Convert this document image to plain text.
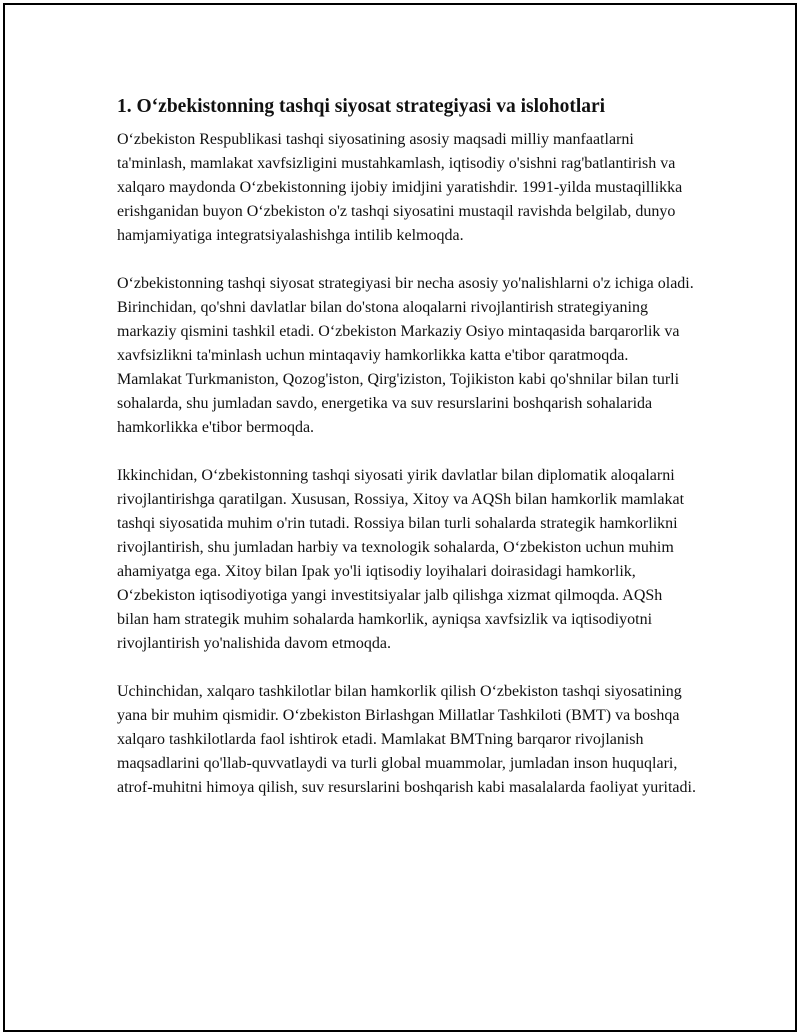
1. O‘zbekistonning tashqi siyosat strategiyasi va islohotlari

O‘zbekiston Respublikasi tashqi siyosatining asosiy maqsadi milliy manfaatlarni ta'minlash, mamlakat xavfsizligini mustahkamlash, iqtisodiy o'sishni rag'batlantirish va xalqaro maydonda O‘zbekistonning ijobiy imidjini yaratishdir. 1991-yilda mustaqillikka erishganidan buyon O‘zbekiston o'z tashqi siyosatini mustaqil ravishda belgilab, dunyo hamjamiyatiga integratsiyalashishga intilib kelmoqda.

O‘zbekistonning tashqi siyosat strategiyasi bir necha asosiy yo'nalishlarni o'z ichiga oladi. Birinchidan, qo'shni davlatlar bilan do'stona aloqalarni rivojlantirish strategiyaning markaziy qismini tashkil etadi. O‘zbekiston Markaziy Osiyo mintaqasida barqarorlik va xavfsizlikni ta'minlash uchun mintaqaviy hamkorlikka katta e'tibor qaratmoqda. Mamlakat Turkmaniston, Qozog'iston, Qirg'iziston, Tojikiston kabi qo'shnilar bilan turli sohalarda, shu jumladan savdo, energetika va suv resurslarini boshqarish sohalarida hamkorlikka e'tibor bermoqda.

Ikkinchidan, O‘zbekistonning tashqi siyosati yirik davlatlar bilan diplomatik aloqalarni rivojlantirishga qaratilgan. Xususan, Rossiya, Xitoy va AQSh bilan hamkorlik mamlakat tashqi siyosatida muhim o'rin tutadi. Rossiya bilan turli sohalarda strategik hamkorlikni rivojlantirish, shu jumladan harbiy va texnologik sohalarda, O‘zbekiston uchun muhim ahamiyatga ega. Xitoy bilan Ipak yo'li iqtisodiy loyihalari doirasidagi hamkorlik, O‘zbekiston iqtisodiyotiga yangi investitsiyalar jalb qilishga xizmat qilmoqda. AQSh bilan ham strategik muhim sohalarda hamkorlik, ayniqsa xavfsizlik va iqtisodiyotni rivojlantirish yo'nalishida davom etmoqda.

Uchinchidan, xalqaro tashkilotlar bilan hamkorlik qilish O‘zbekiston tashqi siyosatining yana bir muhim qismidir. O‘zbekiston Birlashgan Millatlar Tashkiloti (BMT) va boshqa xalqaro tashkilotlarda faol ishtirok etadi. Mamlakat BMTning barqaror rivojlanish maqsadlarini qo'llab-quvvatlaydi va turli global muammolar, jumladan inson huquqlari, atrof-muhitni himoya qilish, suv resurslarini boshqarish kabi masalalarda faoliyat yuritadi.
